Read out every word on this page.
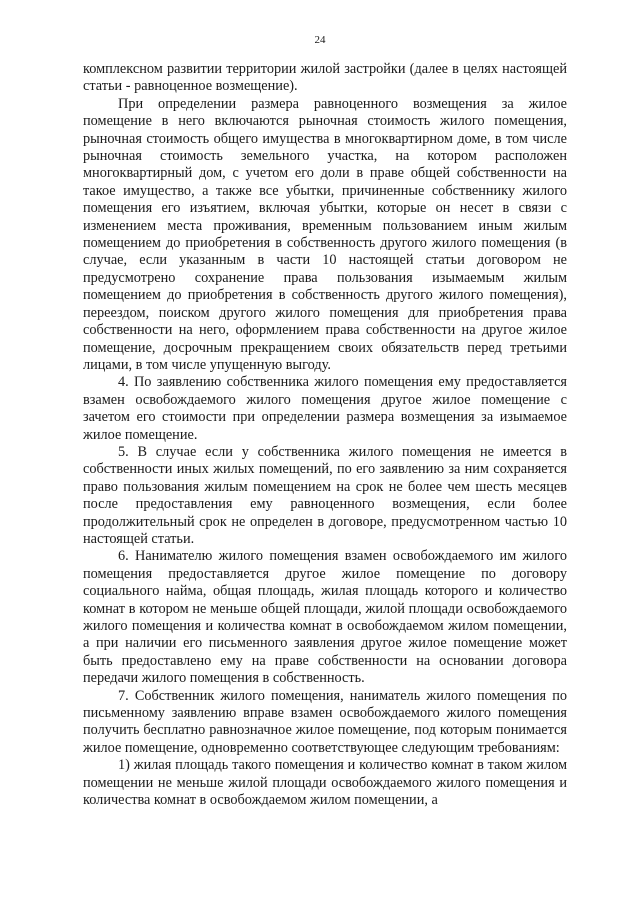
24

комплексном развитии территории жилой застройки (далее в целях настоящей статьи - равноценное возмещение).

При определении размера равноценного возмещения за жилое помещение в него включаются рыночная стоимость жилого помещения, рыночная стоимость общего имущества в многоквартирном доме, в том числе рыночная стоимость земельного участка, на котором расположен многоквартирный дом, с учетом его доли в праве общей собственности на такое имущество, а также все убытки, причиненные собственнику жилого помещения его изъятием, включая убытки, которые он несет в связи с изменением места проживания, временным пользованием иным жилым помещением до приобретения в собственность другого жилого помещения (в случае, если указанным в части 10 настоящей статьи договором не предусмотрено сохранение права пользования изымаемым жилым помещением до приобретения в собственность другого жилого помещения), переездом, поиском другого жилого помещения для приобретения права собственности на него, оформлением права собственности на другое жилое помещение, досрочным прекращением своих обязательств перед третьими лицами, в том числе упущенную выгоду.

4. По заявлению собственника жилого помещения ему предоставляется взамен освобождаемого жилого помещения другое жилое помещение с зачетом его стоимости при определении размера возмещения за изымаемое жилое помещение.

5. В случае если у собственника жилого помещения не имеется в собственности иных жилых помещений, по его заявлению за ним сохраняется право пользования жилым помещением на срок не более чем шесть месяцев после предоставления ему равноценного возмещения, если более продолжительный срок не определен в договоре, предусмотренном частью 10 настоящей статьи.

6. Нанимателю жилого помещения взамен освобождаемого им жилого помещения предоставляется другое жилое помещение по договору социального найма, общая площадь, жилая площадь которого и количество комнат в котором не меньше общей площади, жилой площади освобождаемого жилого помещения и количества комнат в освобождаемом жилом помещении, а при наличии его письменного заявления другое жилое помещение может быть предоставлено ему на праве собственности на основании договора передачи жилого помещения в собственность.

7. Собственник жилого помещения, наниматель жилого помещения по письменному заявлению вправе взамен освобождаемого жилого помещения получить бесплатно равнозначное жилое помещение, под которым понимается жилое помещение, одновременно соответствующее следующим требованиям:

1) жилая площадь такого помещения и количество комнат в таком жилом помещении не меньше жилой площади освобождаемого жилого помещения и количества комнат в освобождаемом жилом помещении, а
